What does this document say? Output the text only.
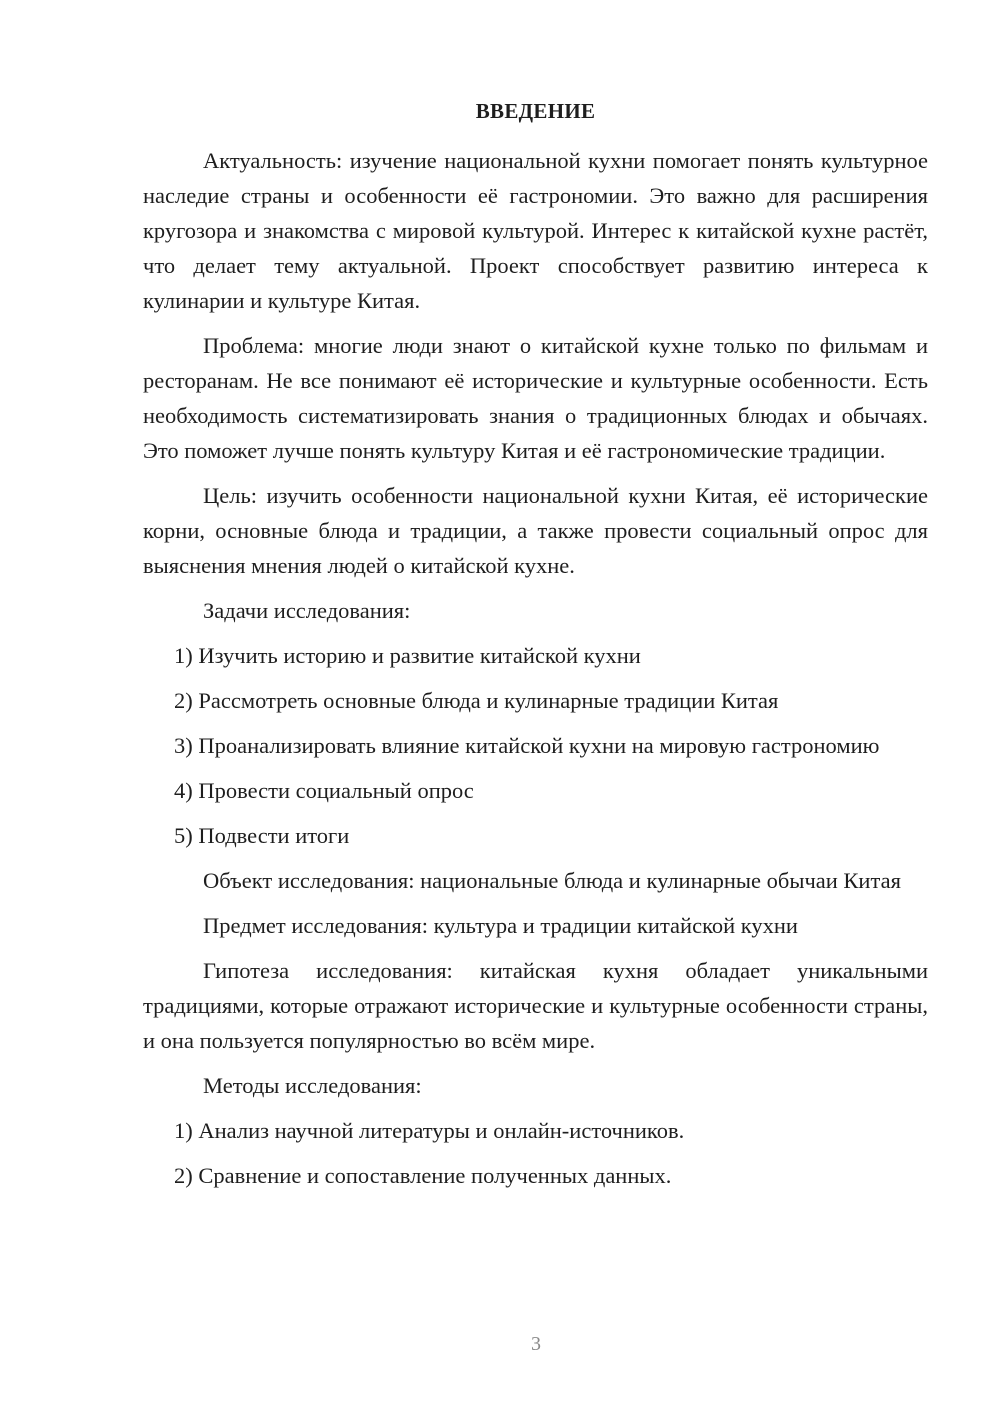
ВВЕДЕНИЕ

Актуальность: изучение национальной кухни помогает понять культурное наследие страны и особенности её гастрономии. Это важно для расширения кругозора и знакомства с мировой культурой. Интерес к китайской кухне растёт, что делает тему актуальной. Проект способствует развитию интереса к кулинарии и культуре Китая.

Проблема: многие люди знают о китайской кухне только по фильмам и ресторанам. Не все понимают её исторические и культурные особенности. Есть необходимость систематизировать знания о традиционных блюдах и обычаях. Это поможет лучше понять культуру Китая и её гастрономические традиции.

Цель: изучить особенности национальной кухни Китая, её исторические корни, основные блюда и традиции, а также провести социальный опрос для выяснения мнения людей о китайской кухне.

Задачи исследования:

1) Изучить историю и развитие китайской кухни

2) Рассмотреть основные блюда и кулинарные традиции Китая

3) Проанализировать влияние китайской кухни на мировую гастрономию

4) Провести социальный опрос

5) Подвести итоги

Объект исследования: национальные блюда и кулинарные обычаи Китая

Предмет исследования: культура и традиции китайской кухни

Гипотеза исследования: китайская кухня обладает уникальными традициями, которые отражают исторические и культурные особенности страны, и она пользуется популярностью во всём мире.

Методы исследования:

1) Анализ научной литературы и онлайн-источников.

2) Сравнение и сопоставление полученных данных.

3
